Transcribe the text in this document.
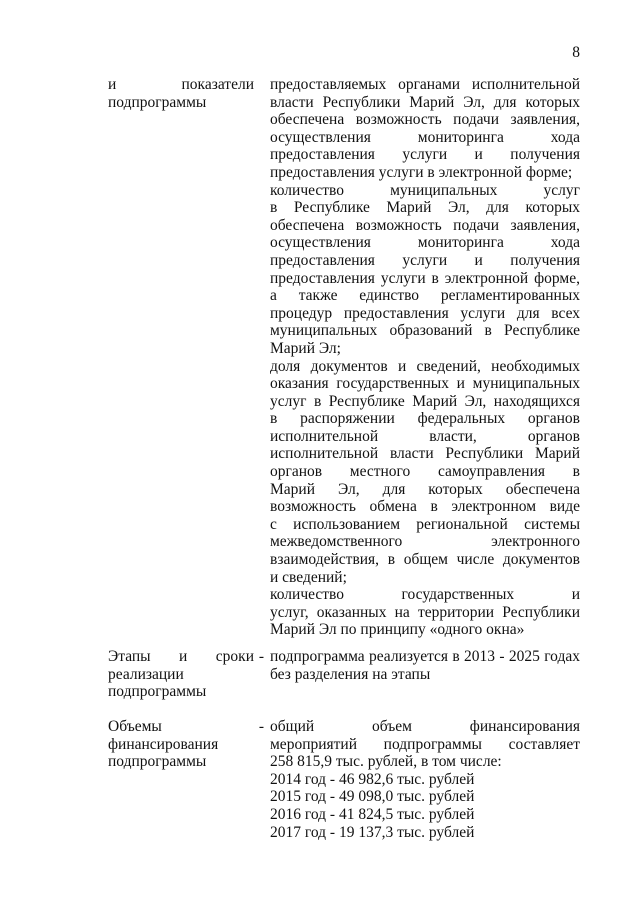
8
и показатели
подпрограммы
предоставляемых органами исполнительной
власти Республики Марий Эл, для которых
обеспечена возможность подачи заявления,
осуществления мониторинга хода
предоставления услуги и получения
предоставления услуги в электронной форме;
количество муниципальных услуг
в Республике Марий Эл, для которых
обеспечена возможность подачи заявления,
осуществления мониторинга хода
предоставления услуги и получения
предоставления услуги в электронной форме,
а также единство регламентированных
процедур предоставления услуги для всех
муниципальных образований в Республике
Марий Эл;
доля документов и сведений, необходимых
оказания государственных и муниципальных
услуг в Республике Марий Эл, находящихся
в распоряжении федеральных органов
исполнительной власти, органов
исполнительной власти Республики Марий
органов местного самоуправления в
Марий Эл, для которых обеспечена
возможность обмена в электронном виде
с использованием региональной системы
межведомственного электронного
взаимодействия, в общем числе документов
и сведений;
количество государственных и
услуг, оказанных на территории Республики
Марий Эл по принципу «одного окна»
Этапы и сроки
реализации
подпрограммы
- подпрограмма реализуется в 2013 - 2025 годах
без разделения на этапы
Объемы
финансирования
подпрограммы
- общий объем финансирования
мероприятий подпрограммы составляет
258 815,9 тыс. рублей, в том числе:
2014 год - 46 982,6 тыс. рублей
2015 год - 49 098,0 тыс. рублей
2016 год - 41 824,5 тыс. рублей
2017 год - 19 137,3 тыс. рублей
